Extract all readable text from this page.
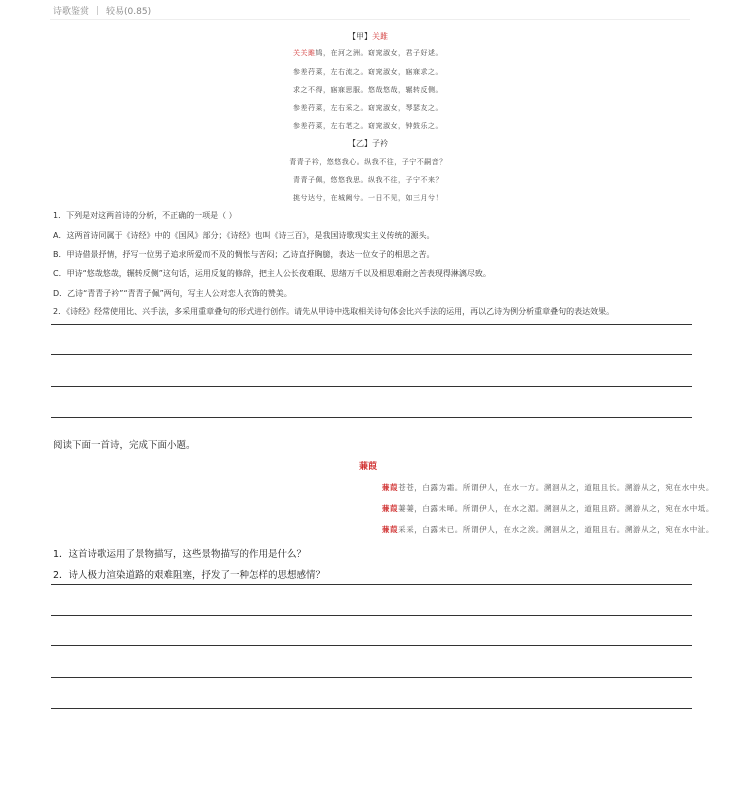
诗歌鉴赏 较易(0.85)
【甲】关雎
关关雎鸠，在河之洲。窈窕淑女，君子好逑。
参差荇菜，左右流之。窈窕淑女，寤寐求之。
求之不得，寤寐思服。悠哉悠哉，辗转反侧。
参差荇菜，左右采之。窈窕淑女，琴瑟友之。
参差荇菜，左右芼之。窈窕淑女，钟鼓乐之。
【乙】子衿
青青子衿，悠悠我心。纵我不往，子宁不嗣音？
青青子佩，悠悠我思。纵我不往，子宁不来？
挑兮达兮，在城阙兮。一日不见，如三月兮！
1．下列是对这两首诗的分析，不正确的一项是（ ）
A．这两首诗同属于《诗经》中的《国风》部分；《诗经》也叫《诗三百》，是我国诗歌现实主义传统的源头。
B．甲诗借景抒情，抒写一位男子追求所爱而不及的惆怅与苦闷；乙诗直抒胸臆，表达一位女子的相思之苦。
C．甲诗“悠哉悠哉，辗转反侧”这句话，运用反复的修辞，把主人公长夜难眠、思绪万千以及相思难耐之苦表现得淋漓尽致。
D．乙诗“青青子衿”“青青子佩”两句，写主人公对恋人衣饰的赞美。
2．《诗经》经常使用比、兴手法，多采用重章叠句的形式进行创作。请先从甲诗中选取相关诗句体会比兴手法的运用，再以乙诗为例分析重章叠句的表达效果。
阅读下面一首诗，完成下面小题。
蒹葭
蒹葭苍苍，白露为霜。所谓伊人，在水一方。溯洄从之，道阻且长。溯游从之，宛在水中央。
蒹葭萋萋，白露未晞。所谓伊人，在水之湄。溯洄从之，道阻且跻。溯游从之，宛在水中坻。
蒹葭采采，白露未已。所谓伊人，在水之涘。溯洄从之，道阻且右。溯游从之，宛在水中沚。
1．这首诗歌运用了景物描写，这些景物描写的作用是什么？
2．诗人极力渲染道路的艰难阻塞，抒发了一种怎样的思想感情？
